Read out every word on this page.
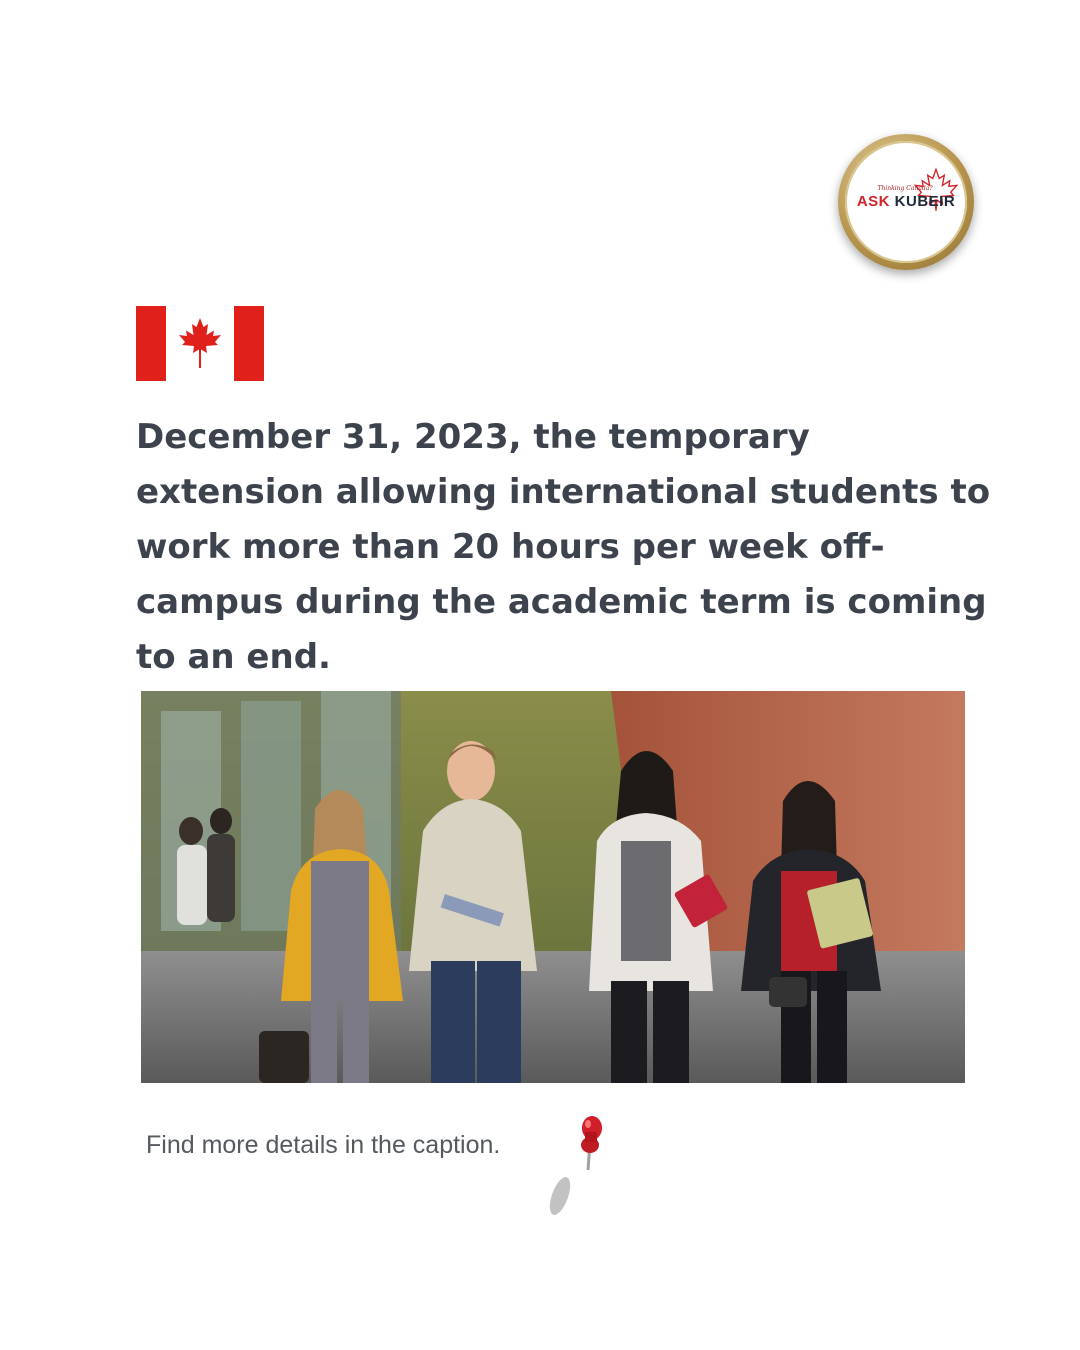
Thinking Canada?
ASK KUBEIR

December 31, 2023, the temporary extension allowing international students to work more than 20 hours per week off-campus during the academic term is coming to an end.

Find more details in the caption.
